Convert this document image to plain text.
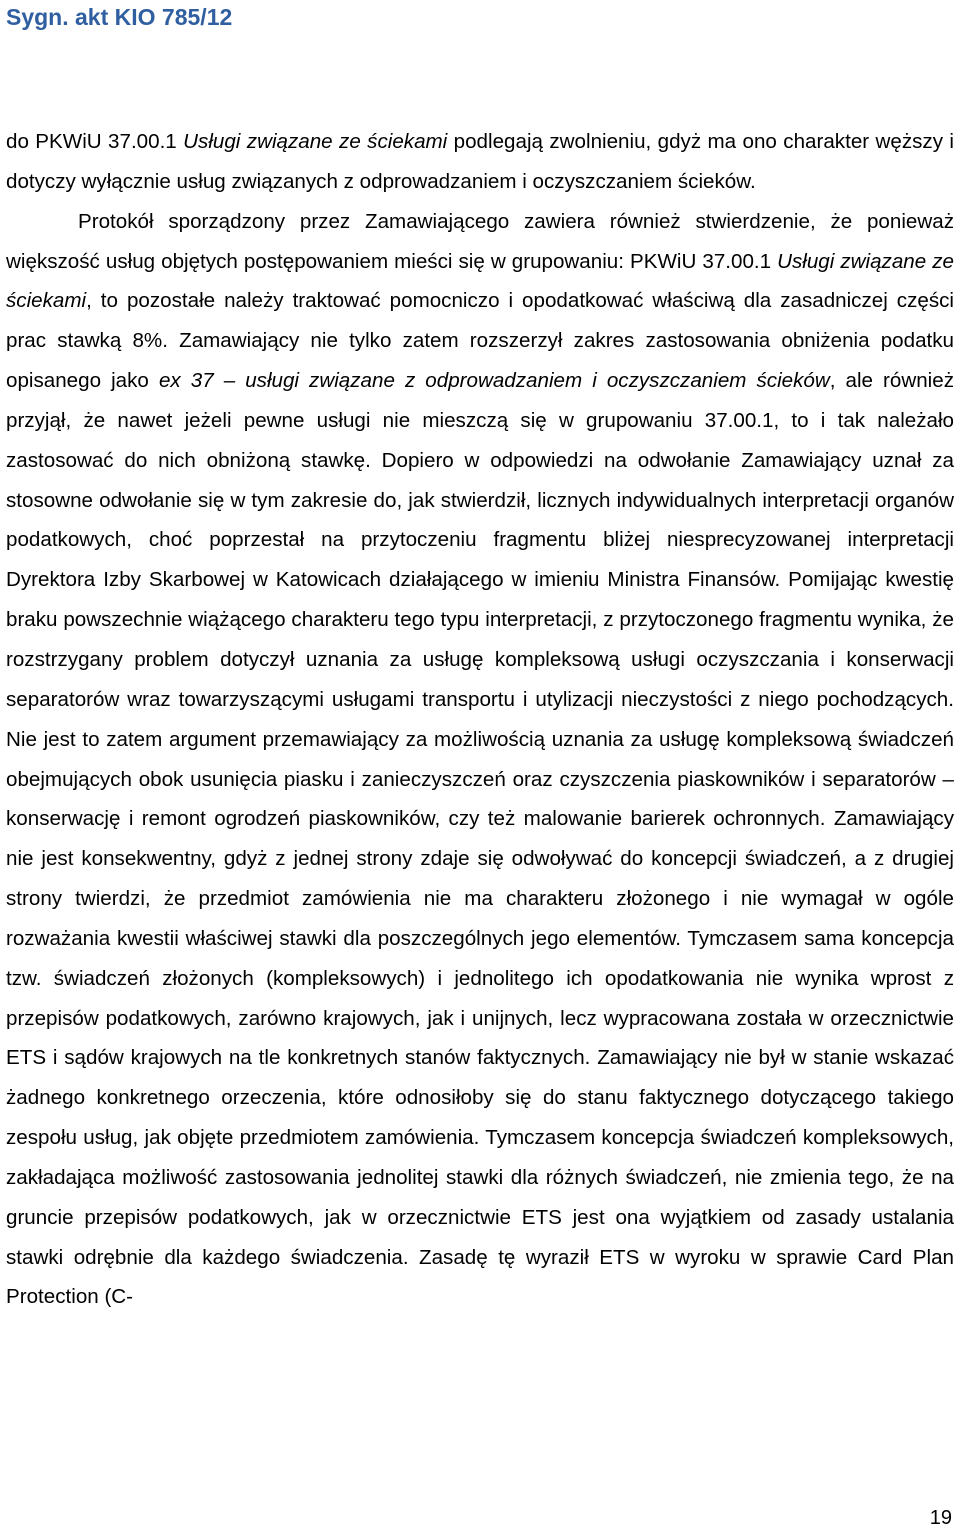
Sygn. akt KIO 785/12

do PKWiU 37.00.1 Usługi związane ze ściekami podlegają zwolnieniu, gdyż ma ono charakter węższy i dotyczy wyłącznie usług związanych z odprowadzaniem i oczyszczaniem ścieków.

Protokół sporządzony przez Zamawiającego zawiera również stwierdzenie, że ponieważ większość usług objętych postępowaniem mieści się w grupowaniu: PKWiU 37.00.1 Usługi związane ze ściekami, to pozostałe należy traktować pomocniczo i opodatkować właściwą dla zasadniczej części prac stawką 8%. Zamawiający nie tylko zatem rozszerzył zakres zastosowania obniżenia podatku opisanego jako ex 37 – usługi związane z odprowadzaniem i oczyszczaniem ścieków, ale również przyjął, że nawet jeżeli pewne usługi nie mieszczą się w grupowaniu 37.00.1, to i tak należało zastosować do nich obniżoną stawkę. Dopiero w odpowiedzi na odwołanie Zamawiający uznał za stosowne odwołanie się w tym zakresie do, jak stwierdził, licznych indywidualnych interpretacji organów podatkowych, choć poprzestał na przytoczeniu fragmentu bliżej niesprecyzowanej interpretacji Dyrektora Izby Skarbowej w Katowicach działającego w imieniu Ministra Finansów. Pomijając kwestię braku powszechnie wiążącego charakteru tego typu interpretacji, z przytoczonego fragmentu wynika, że rozstrzygany problem dotyczył uznania za usługę kompleksową usługi oczyszczania i konserwacji separatorów wraz towarzyszącymi usługami transportu i utylizacji nieczystości z niego pochodzących. Nie jest to zatem argument przemawiający za możliwością uznania za usługę kompleksową świadczeń obejmujących obok usunięcia piasku i zanieczyszczeń oraz czyszczenia piaskowników i separatorów – konserwację i remont ogrodzeń piaskowników, czy też malowanie barierek ochronnych. Zamawiający nie jest konsekwentny, gdyż z jednej strony zdaje się odwoływać do koncepcji świadczeń, a z drugiej strony twierdzi, że przedmiot zamówienia nie ma charakteru złożonego i nie wymagał w ogóle rozważania kwestii właściwej stawki dla poszczególnych jego elementów. Tymczasem sama koncepcja tzw. świadczeń złożonych (kompleksowych) i jednolitego ich opodatkowania nie wynika wprost z przepisów podatkowych, zarówno krajowych, jak i unijnych, lecz wypracowana została w orzecznictwie ETS i sądów krajowych na tle konkretnych stanów faktycznych. Zamawiający nie był w stanie wskazać żadnego konkretnego orzeczenia, które odnosiłoby się do stanu faktycznego dotyczącego takiego zespołu usług, jak objęte przedmiotem zamówienia. Tymczasem koncepcja świadczeń kompleksowych, zakładająca możliwość zastosowania jednolitej stawki dla różnych świadczeń, nie zmienia tego, że na gruncie przepisów podatkowych, jak w orzecznictwie ETS jest ona wyjątkiem od zasady ustalania stawki odrębnie dla każdego świadczenia. Zasadę tę wyraził ETS w wyroku w sprawie Card Plan Protection (C-

19
